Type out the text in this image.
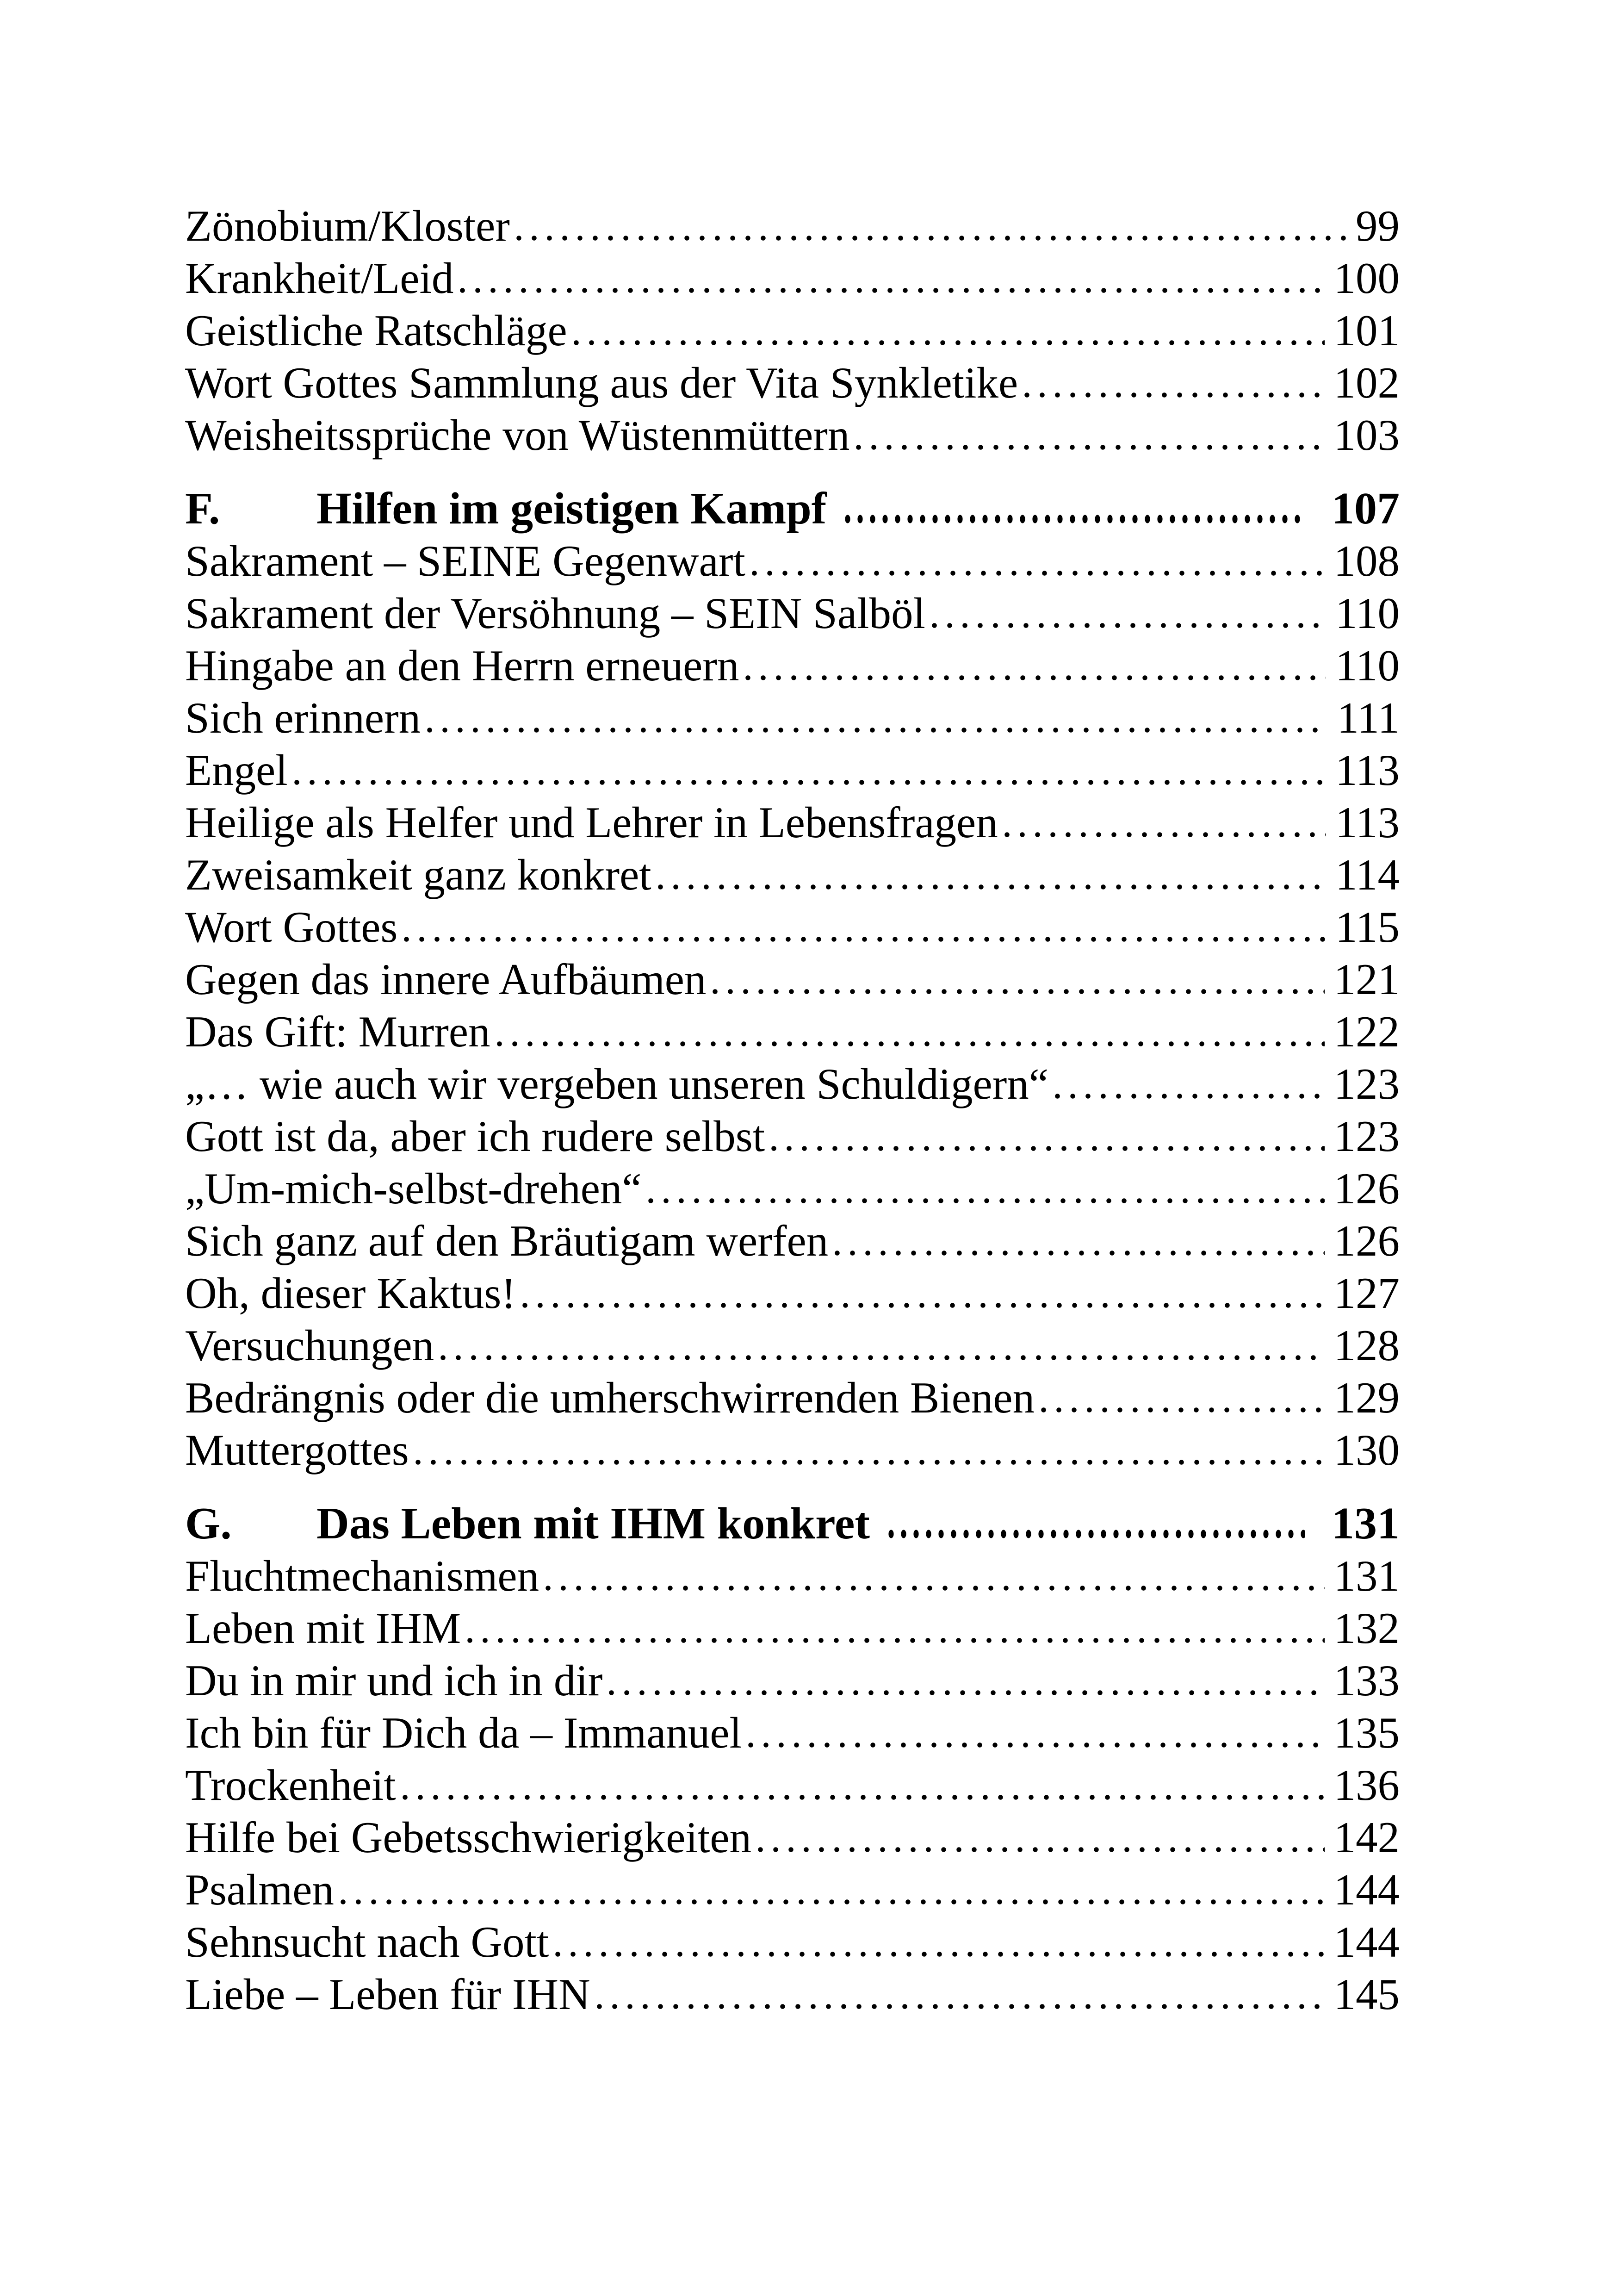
Zönobium/Kloster	99
Krankheit/Leid	100
Geistliche Ratschläge	101
Wort Gottes Sammlung aus der Vita Synkletike	102
Weisheitssprüche von Wüstenmüttern	103
F.	Hilfen im geistigen Kampf	107
Sakrament – SEINE Gegenwart	108
Sakrament der Versöhnung – SEIN Salböl	110
Hingabe an den Herrn erneuern	110
Sich erinnern	111
Engel	113
Heilige als Helfer und Lehrer in Lebensfragen	113
Zweisamkeit ganz konkret	114
Wort Gottes	115
Gegen das innere Aufbäumen	121
Das Gift: Murren	122
„… wie auch wir vergeben unseren Schuldigern“	123
Gott ist da, aber ich rudere selbst	123
„Um-mich-selbst-drehen“	126
Sich ganz auf den Bräutigam werfen	126
Oh, dieser Kaktus!	127
Versuchungen	128
Bedrängnis oder die umherschwirrenden Bienen	129
Muttergottes	130
G.	Das Leben mit IHM konkret	131
Fluchtmechanismen	131
Leben mit IHM	132
Du in mir und ich in dir	133
Ich bin für Dich da – Immanuel	135
Trockenheit	136
Hilfe bei Gebetsschwierigkeiten	142
Psalmen	144
Sehnsucht nach Gott	144
Liebe – Leben für IHN	145
